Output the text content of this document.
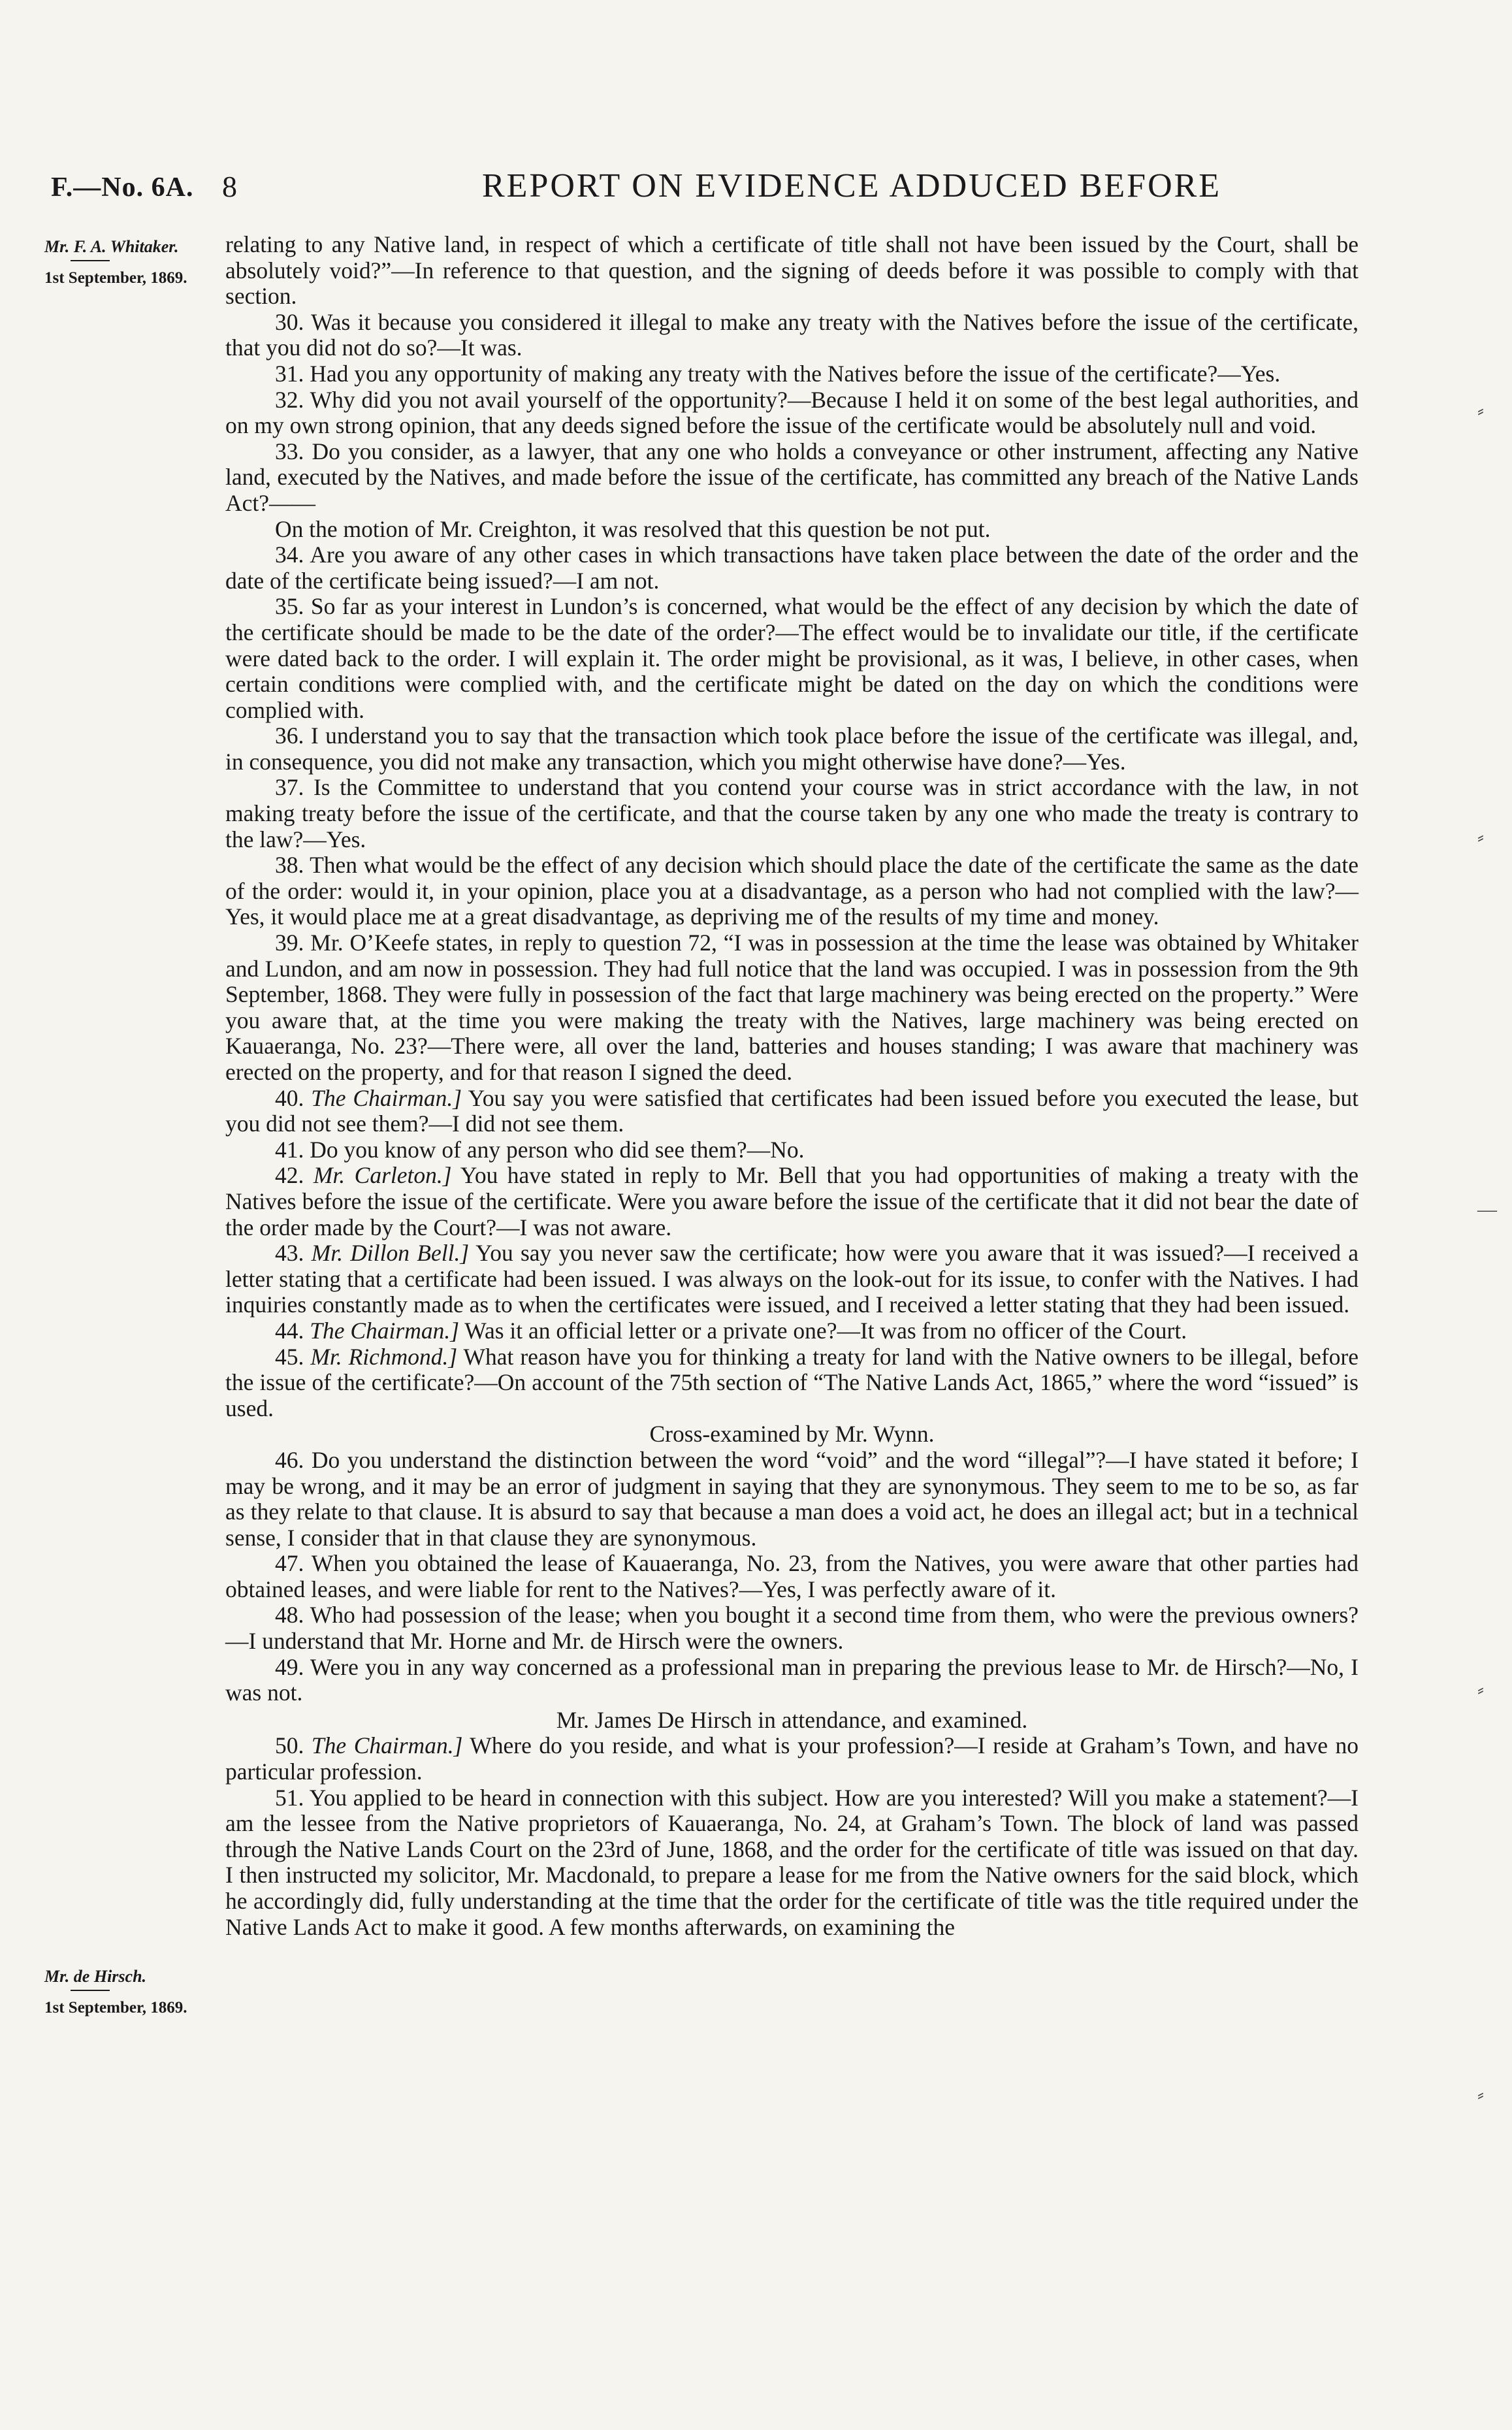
F.—No. 6A. 8	REPORT ON EVIDENCE ADDUCED BEFORE
Mr. F. A. Whitaker.
1st September, 1869.
Mr. de Hirsch.
1st September, 1869.

relating to any Native land, in respect of which a certificate of title shall not have been issued by the Court, shall be absolutely void?”—In reference to that question, and the signing of deeds before it was possible to comply with that section.

30. Was it because you considered it illegal to make any treaty with the Natives before the issue of the certificate, that you did not do so?—It was.

31. Had you any opportunity of making any treaty with the Natives before the issue of the certificate?—Yes.

32. Why did you not avail yourself of the opportunity?—Because I held it on some of the best legal authorities, and on my own strong opinion, that any deeds signed before the issue of the certificate would be absolutely null and void.

33. Do you consider, as a lawyer, that any one who holds a conveyance or other instrument, affecting any Native land, executed by the Natives, and made before the issue of the certificate, has committed any breach of the Native Lands Act?——

On the motion of Mr. Creighton, it was resolved that this question be not put.

34. Are you aware of any other cases in which transactions have taken place between the date of the order and the date of the certificate being issued?—I am not.

35. So far as your interest in Lundon’s is concerned, what would be the effect of any decision by which the date of the certificate should be made to be the date of the order?—The effect would be to invalidate our title, if the certificate were dated back to the order. I will explain it. The order might be provisional, as it was, I believe, in other cases, when certain conditions were complied with, and the certificate might be dated on the day on which the conditions were complied with.

36. I understand you to say that the transaction which took place before the issue of the certificate was illegal, and, in consequence, you did not make any transaction, which you might otherwise have done?—Yes.

37. Is the Committee to understand that you contend your course was in strict accordance with the law, in not making treaty before the issue of the certificate, and that the course taken by any one who made the treaty is contrary to the law?—Yes.

38. Then what would be the effect of any decision which should place the date of the certificate the same as the date of the order: would it, in your opinion, place you at a disadvantage, as a person who had not complied with the law?—Yes, it would place me at a great disadvantage, as depriving me of the results of my time and money.

39. Mr. O’Keefe states, in reply to question 72, “I was in possession at the time the lease was obtained by Whitaker and Lundon, and am now in possession. They had full notice that the land was occupied. I was in possession from the 9th September, 1868. They were fully in possession of the fact that large machinery was being erected on the property.” Were you aware that, at the time you were making the treaty with the Natives, large machinery was being erected on Kauaeranga, No. 23?—There were, all over the land, batteries and houses standing; I was aware that machinery was erected on the property, and for that reason I signed the deed.

40. The Chairman.] You say you were satisfied that certificates had been issued before you executed the lease, but you did not see them?—I did not see them.

41. Do you know of any person who did see them?—No.

42. Mr. Carleton.] You have stated in reply to Mr. Bell that you had opportunities of making a treaty with the Natives before the issue of the certificate. Were you aware before the issue of the certificate that it did not bear the date of the order made by the Court?—I was not aware.

43. Mr. Dillon Bell.] You say you never saw the certificate; how were you aware that it was issued?—I received a letter stating that a certificate had been issued. I was always on the look-out for its issue, to confer with the Natives. I had inquiries constantly made as to when the certificates were issued, and I received a letter stating that they had been issued.

44. The Chairman.] Was it an official letter or a private one?—It was from no officer of the Court.

45. Mr. Richmond.] What reason have you for thinking a treaty for land with the Native owners to be illegal, before the issue of the certificate?—On account of the 75th section of “The Native Lands Act, 1865,” where the word “issued” is used.

Cross-examined by Mr. Wynn.

46. Do you understand the distinction between the word “void” and the word “illegal”?—I have stated it before; I may be wrong, and it may be an error of judgment in saying that they are synonymous. They seem to me to be so, as far as they relate to that clause. It is absurd to say that because a man does a void act, he does an illegal act; but in a technical sense, I consider that in that clause they are synonymous.

47. When you obtained the lease of Kauaeranga, No. 23, from the Natives, you were aware that other parties had obtained leases, and were liable for rent to the Natives?—Yes, I was perfectly aware of it.

48. Who had possession of the lease; when you bought it a second time from them, who were the previous owners?—I understand that Mr. Horne and Mr. de Hirsch were the owners.

49. Were you in any way concerned as a professional man in preparing the previous lease to Mr. de Hirsch?—No, I was not.

Mr. James De Hirsch in attendance, and examined.

50. The Chairman.] Where do you reside, and what is your profession?—I reside at Graham’s Town, and have no particular profession.

51. You applied to be heard in connection with this subject. How are you interested? Will you make a statement?—I am the lessee from the Native proprietors of Kauaeranga, No. 24, at Graham’s Town. The block of land was passed through the Native Lands Court on the 23rd of June, 1868, and the order for the certificate of title was issued on that day. I then instructed my solicitor, Mr. Macdonald, to prepare a lease for me from the Native owners for the said block, which he accordingly did, fully understanding at the time that the order for the certificate of title was the title required under the Native Lands Act to make it good. A few months afterwards, on examining the

⸗
⸗
—
⸗
⸗
